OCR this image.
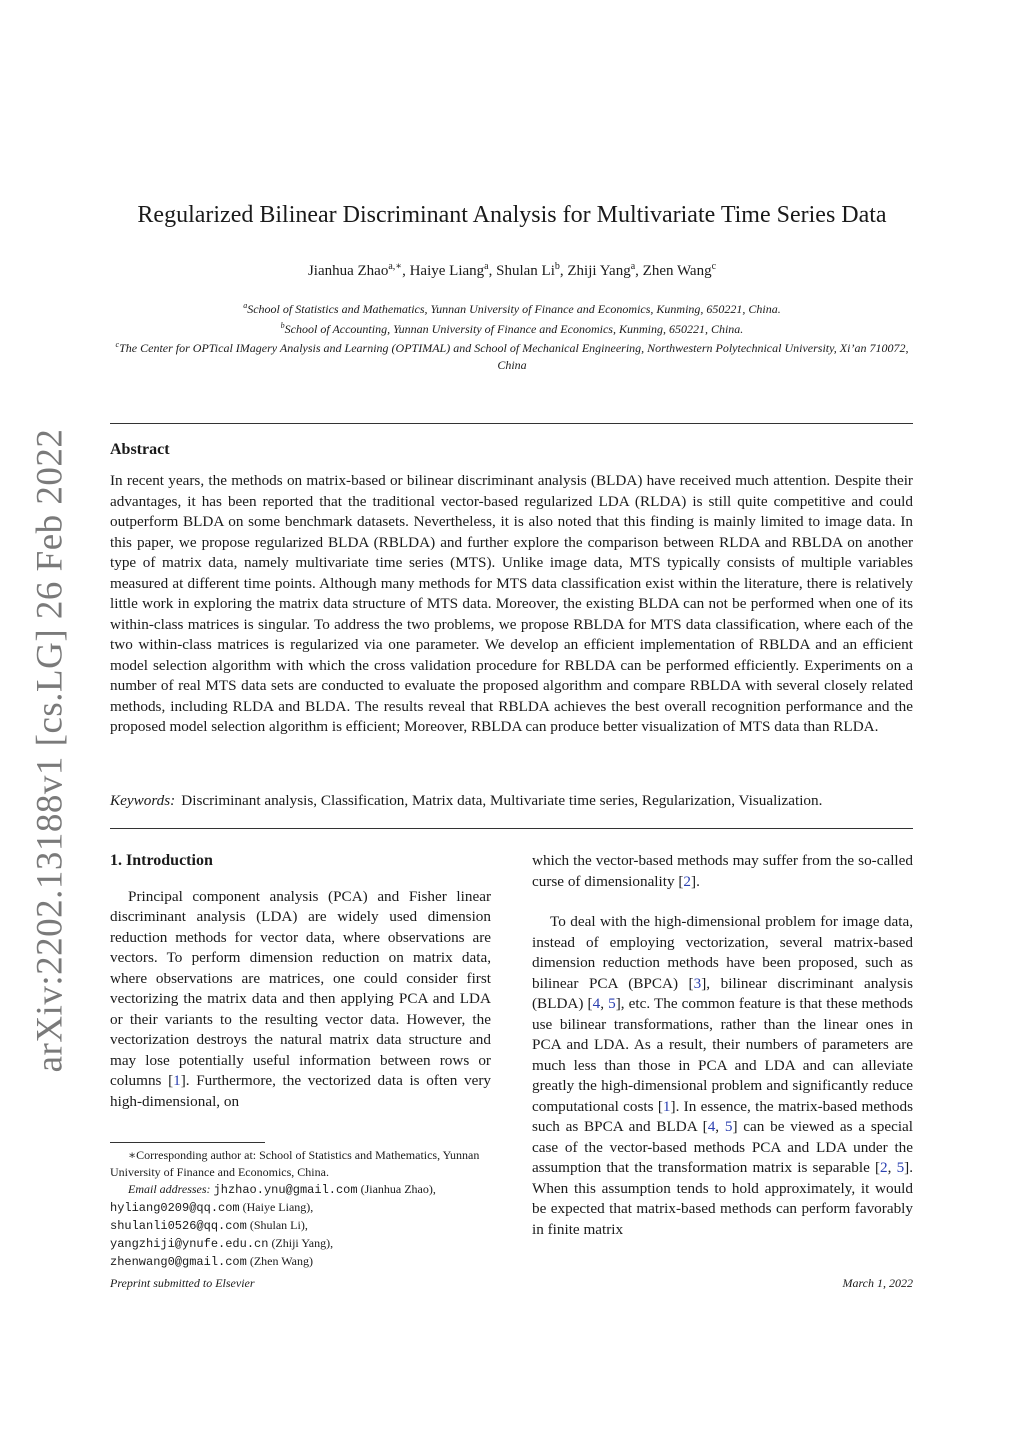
arXiv:2202.13188v1 [cs.LG] 26 Feb 2022
Regularized Bilinear Discriminant Analysis for Multivariate Time Series Data
Jianhua Zhao$^{a,∗}$, Haiye Liang$^a$, Shulan Li$^b$, Zhiji Yang$^a$, Zhen Wang$^c$
$^a$School of Statistics and Mathematics, Yunnan University of Finance and Economics, Kunming, 650221, China.
$^b$School of Accounting, Yunnan University of Finance and Economics, Kunming, 650221, China.
$^c$The Center for OPTical IMagery Analysis and Learning (OPTIMAL) and School of Mechanical Engineering, Northwestern Polytechnical University, Xi’an 710072, China
Abstract
In recent years, the methods on matrix-based or bilinear discriminant analysis (BLDA) have received much attention. Despite their advantages, it has been reported that the traditional vector-based regularized LDA (RLDA) is still quite competitive and could outperform BLDA on some benchmark datasets. Nevertheless, it is also noted that this finding is mainly limited to image data. In this paper, we propose regularized BLDA (RBLDA) and further explore the comparison between RLDA and RBLDA on another type of matrix data, namely multivariate time series (MTS). Unlike image data, MTS typically consists of multiple variables measured at different time points. Although many methods for MTS data classification exist within the literature, there is relatively little work in exploring the matrix data structure of MTS data. Moreover, the existing BLDA can not be performed when one of its within-class matrices is singular. To address the two problems, we propose RBLDA for MTS data classification, where each of the two within-class matrices is regularized via one parameter. We develop an efficient implementation of RBLDA and an efficient model selection algorithm with which the cross validation procedure for RBLDA can be performed efficiently. Experiments on a number of real MTS data sets are conducted to evaluate the proposed algorithm and compare RBLDA with several closely related methods, including RLDA and BLDA. The results reveal that RBLDA achieves the best overall recognition performance and the proposed model selection algorithm is efficient; Moreover, RBLDA can produce better visualization of MTS data than RLDA.
Keywords: Discriminant analysis, Classification, Matrix data, Multivariate time series, Regularization, Visualization.

1. Introduction

Principal component analysis (PCA) and Fisher linear discriminant analysis (LDA) are widely used dimension reduction methods for vector data, where observations are vectors. To perform dimension reduction on matrix data, where observations are matrices, one could consider first vectorizing the matrix data and then applying PCA and LDA or their variants to the resulting vector data. However, the vectorization destroys the natural matrix data structure and may lose potentially useful information between rows or columns [1]. Furthermore, the vectorized data is often very high-dimensional, on

which the vector-based methods may suffer from the so-called curse of dimensionality [2].

To deal with the high-dimensional problem for image data, instead of employing vectorization, several matrix-based dimension reduction methods have been proposed, such as bilinear PCA (BPCA) [3], bilinear discriminant analysis (BLDA) [4, 5], etc. The common feature is that these methods use bilinear transformations, rather than the linear ones in PCA and LDA. As a result, their numbers of parameters are much less than those in PCA and LDA and can alleviate greatly the high-dimensional problem and significantly reduce computational costs [1]. In essence, the matrix-based methods such as BPCA and BLDA [4, 5] can be viewed as a special case of the vector-based methods PCA and LDA under the assumption that the transformation matrix is separable [2, 5]. When this assumption tends to hold approximately, it would be expected that matrix-based methods can perform favorably in finite matrix

∗Corresponding author at: School of Statistics and Mathematics, Yunnan University of Finance and Economics, China.

Email addresses: jhzhao.ynu@gmail.com (Jianhua Zhao),
hyliang0209@qq.com (Haiye Liang),
shulanli0526@qq.com (Shulan Li),
yangzhiji@ynufe.edu.cn (Zhiji Yang),
zhenwang0@gmail.com (Zhen Wang)

Preprint submitted to Elsevier	March 1, 2022
